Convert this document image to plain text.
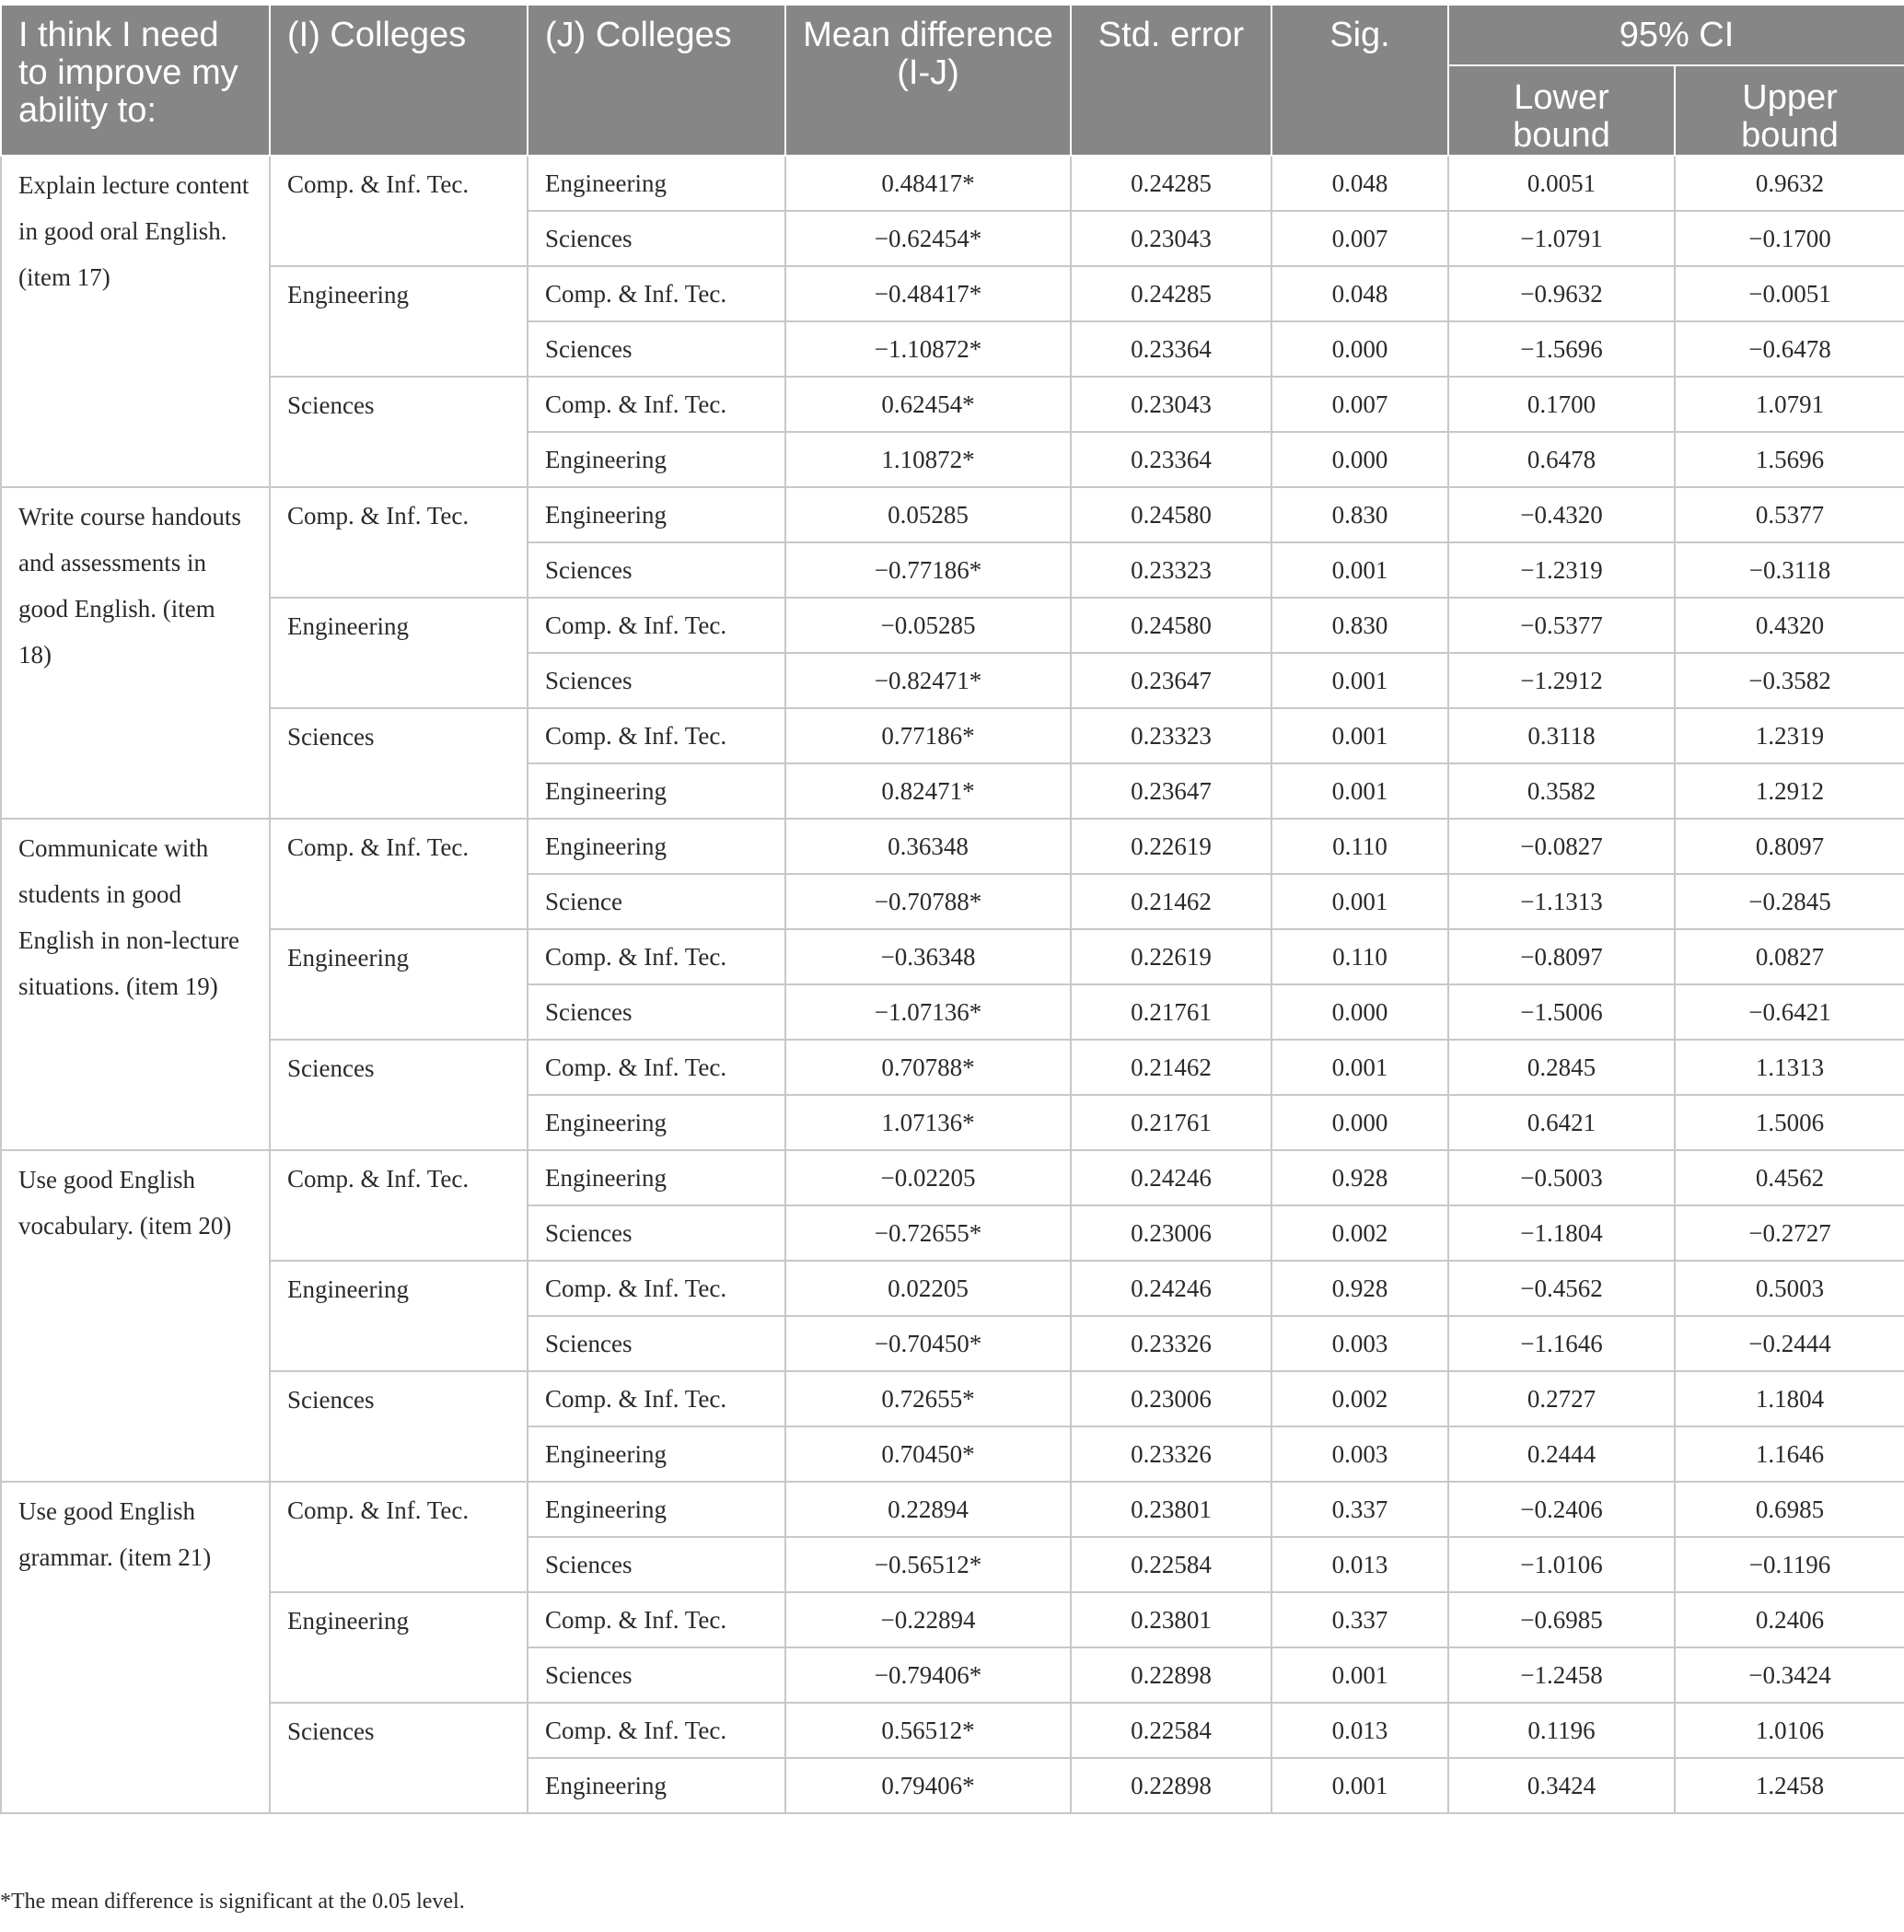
I think I need to improve my ability to:	(I) Colleges	(J) Colleges	Mean difference (I-J)	Std. error	Sig.	95% CI	
						Lower bound	Upper bound
Explain lecture content in good oral English. (item 17)	Comp. & Inf. Tec.	Engineering	0.48417*	0.24285	0.048	0.0051	0.9632
		Sciences	−0.62454*	0.23043	0.007	−1.0791	−0.1700
	Engineering	Comp. & Inf. Tec.	−0.48417*	0.24285	0.048	−0.9632	−0.0051
		Sciences	−1.10872*	0.23364	0.000	−1.5696	−0.6478
	Sciences	Comp. & Inf. Tec.	0.62454*	0.23043	0.007	0.1700	1.0791
		Engineering	1.10872*	0.23364	0.000	0.6478	1.5696
Write course handouts and assessments in good English. (item 18)	Comp. & Inf. Tec.	Engineering	0.05285	0.24580	0.830	−0.4320	0.5377
		Sciences	−0.77186*	0.23323	0.001	−1.2319	−0.3118
	Engineering	Comp. & Inf. Tec.	−0.05285	0.24580	0.830	−0.5377	0.4320
		Sciences	−0.82471*	0.23647	0.001	−1.2912	−0.3582
	Sciences	Comp. & Inf. Tec.	0.77186*	0.23323	0.001	0.3118	1.2319
		Engineering	0.82471*	0.23647	0.001	0.3582	1.2912
Communicate with students in good English in non-lecture situations. (item 19)	Comp. & Inf. Tec.	Engineering	0.36348	0.22619	0.110	−0.0827	0.8097
		Science	−0.70788*	0.21462	0.001	−1.1313	−0.2845
	Engineering	Comp. & Inf. Tec.	−0.36348	0.22619	0.110	−0.8097	0.0827
		Sciences	−1.07136*	0.21761	0.000	−1.5006	−0.6421
	Sciences	Comp. & Inf. Tec.	0.70788*	0.21462	0.001	0.2845	1.1313
		Engineering	1.07136*	0.21761	0.000	0.6421	1.5006
Use good English vocabulary. (item 20)	Comp. & Inf. Tec.	Engineering	−0.02205	0.24246	0.928	−0.5003	0.4562
		Sciences	−0.72655*	0.23006	0.002	−1.1804	−0.2727
	Engineering	Comp. & Inf. Tec.	0.02205	0.24246	0.928	−0.4562	0.5003
		Sciences	−0.70450*	0.23326	0.003	−1.1646	−0.2444
	Sciences	Comp. & Inf. Tec.	0.72655*	0.23006	0.002	0.2727	1.1804
		Engineering	0.70450*	0.23326	0.003	0.2444	1.1646
Use good English grammar. (item 21)	Comp. & Inf. Tec.	Engineering	0.22894	0.23801	0.337	−0.2406	0.6985
		Sciences	−0.56512*	0.22584	0.013	−1.0106	−0.1196
	Engineering	Comp. & Inf. Tec.	−0.22894	0.23801	0.337	−0.6985	0.2406
		Sciences	−0.79406*	0.22898	0.001	−1.2458	−0.3424
	Sciences	Comp. & Inf. Tec.	0.56512*	0.22584	0.013	0.1196	1.0106
		Engineering	0.79406*	0.22898	0.001	0.3424	1.2458
*The mean difference is significant at the 0.05 level.
